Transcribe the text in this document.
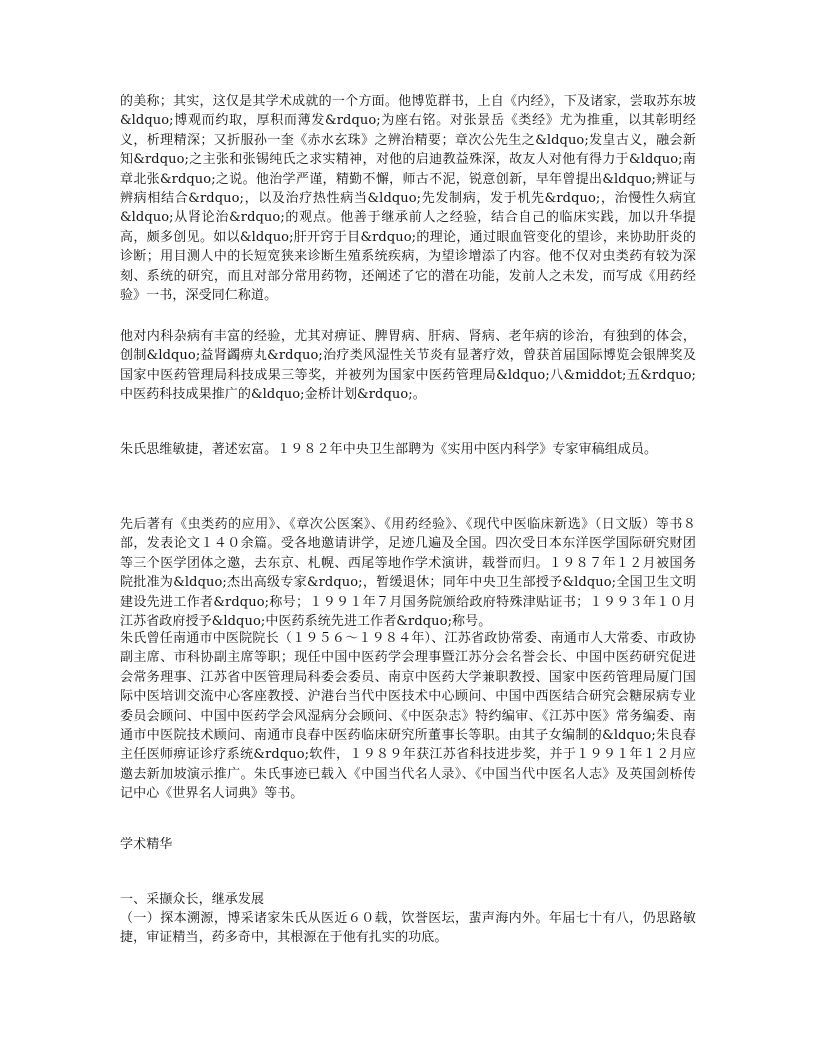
的美称；其实，这仅是其学术成就的一个方面。他博览群书，上自《内经》，下及诸家，尝取苏东坡&ldquo;博观而约取，厚积而薄发&rdquo;为座右铭。对张景岳《类经》尤为推重，以其彰明经义，析理精深；又折服孙一奎《赤水玄珠》之辨治精要；章次公先生之&ldquo;发皇古义，融会新知&rdquo;之主张和张锡纯氏之求实精神，对他的启迪教益殊深，故友人对他有得力于&ldquo;南章北张&rdquo;之说。他治学严谨，精勤不懈，师古不泥，锐意创新，早年曾提出&ldquo;辨证与辨病相结合&rdquo;，以及治疗热性病当&ldquo;先发制病，发于机先&rdquo;，治慢性久病宜&ldquo;从肾论治&rdquo;的观点。他善于继承前人之经验，结合自己的临床实践，加以升华提高，颇多创见。如以&ldquo;肝开窍于目&rdquo;的理论，通过眼血管变化的望诊，来协助肝炎的诊断；用目测人中的长短宽狭来诊断生殖系统疾病，为望诊增添了内容。他不仅对虫类药有较为深刻、系统的研究，而且对部分常用药物，还阐述了它的潜在功能，发前人之未发，而写成《用药经验》一书，深受同仁称道。

他对内科杂病有丰富的经验，尤其对痹证、脾胃病、肝病、肾病、老年病的诊治，有独到的体会，创制&ldquo;益肾蠲痹丸&rdquo;治疗类风湿性关节炎有显著疗效，曾获首届国际博览会银牌奖及国家中医药管理局科技成果三等奖，并被列为国家中医药管理局&ldquo;八&middot;五&rdquo;中医药科技成果推广的&ldquo;金桥计划&rdquo;。

朱氏思维敏捷，著述宏富。１９８２年中央卫生部聘为《实用中医内科学》专家审稿组成员。

先后著有《虫类药的应用》、《章次公医案》、《用药经验》、《现代中医临床新选》（日文版）等书８部，发表论文１４０余篇。受各地邀请讲学，足迹几遍及全国。四次受日本东洋医学国际研究财团等三个医学团体之邀，去东京、札幌、西尾等地作学术演讲，载誉而归。１９８７年１２月被国务院批准为&ldquo;杰出高级专家&rdquo;，暂缓退休；同年中央卫生部授予&ldquo;全国卫生文明建设先进工作者&rdquo;称号；１９９１年７月国务院颁给政府特殊津贴证书；１９９３年１０月江苏省政府授予&ldquo;中医药系统先进工作者&rdquo;称号。

朱氏曾任南通市中医院院长（１９５６～１９８４年）、江苏省政协常委、南通市人大常委、市政协副主席、市科协副主席等职；现任中国中医药学会理事暨江苏分会名誉会长、中国中医药研究促进会常务理事、江苏省中医管理局科委会委员、南京中医药大学兼职教授、国家中医药管理局厦门国际中医培训交流中心客座教授、沪港台当代中医技术中心顾问、中国中西医结合研究会糖尿病专业委员会顾问、中国中医药学会风湿病分会顾问、《中医杂志》特约编审、《江苏中医》常务编委、南通市中医院技术顾问、南通市良春中医药临床研究所董事长等职。由其子女编制的&ldquo;朱良春主任医师痹证诊疗系统&rdquo;软件，１９８９年获江苏省科技进步奖，并于１９９１年１２月应邀去新加坡演示推广。朱氏事迹已载入《中国当代名人录》、《中国当代中医名人志》及英国剑桥传记中心《世界名人词典》等书。

学术精华

一、采撷众长，继承发展

（一）探本溯源，博采诸家朱氏从医近６０载，饮誉医坛，蜚声海内外。年届七十有八，仍思路敏捷，审证精当，药多奇中，其根源在于他有扎实的功底。
